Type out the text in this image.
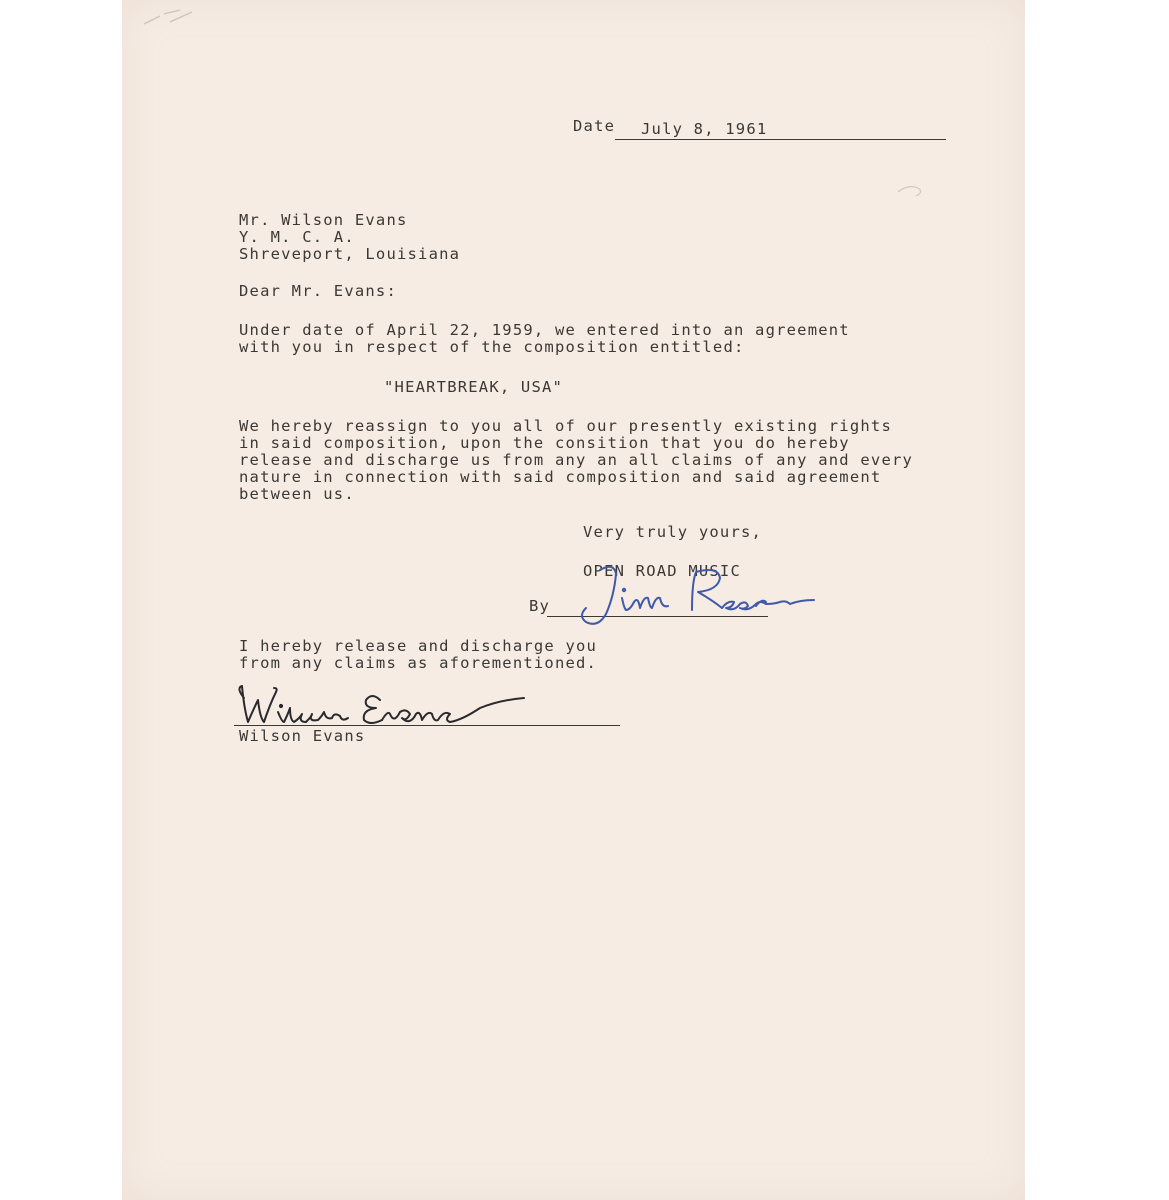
Date July 8, 1961
Mr. Wilson Evans
Y. M. C. A.
Shreveport, Louisiana
Dear Mr. Evans:
Under date of April 22, 1959, we entered into an agreement
with you in respect of the composition entitled:
"HEARTBREAK, USA"
We hereby reassign to you all of our presently existing rights
in said composition, upon the consition that you do hereby
release and discharge us from any an all claims of any and every
nature in connection with said composition and said agreement
between us.
Very truly yours,
OPEN ROAD MUSIC
By
I hereby release and discharge you
from any claims as aforementioned.
Wilson Evans
